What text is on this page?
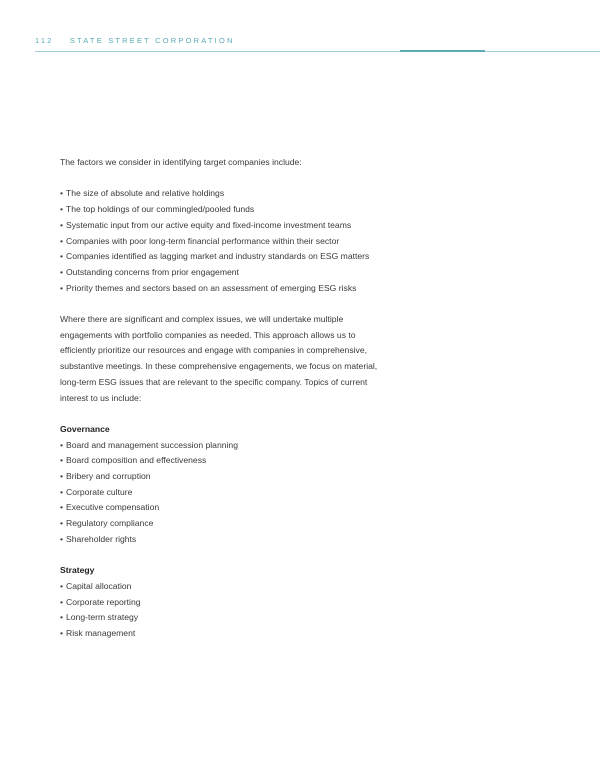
112 STATE STREET CORPORATION

The factors we consider in identifying target companies include:

• The size of absolute and relative holdings
• The top holdings of our commingled/pooled funds
• Systematic input from our active equity and fixed-income investment teams
• Companies with poor long-term financial performance within their sector
• Companies identified as lagging market and industry standards on ESG matters
• Outstanding concerns from prior engagement
• Priority themes and sectors based on an assessment of emerging ESG risks

Where there are significant and complex issues, we will undertake multiple
engagements with portfolio companies as needed. This approach allows us to
efficiently prioritize our resources and engage with companies in comprehensive,
substantive meetings. In these comprehensive engagements, we focus on material,
long-term ESG issues that are relevant to the specific company. Topics of current
interest to us include:

Governance
• Board and management succession planning
• Board composition and effectiveness
• Bribery and corruption
• Corporate culture
• Executive compensation
• Regulatory compliance
• Shareholder rights
Strategy
• Capital allocation
• Corporate reporting
• Long-term strategy
• Risk management
